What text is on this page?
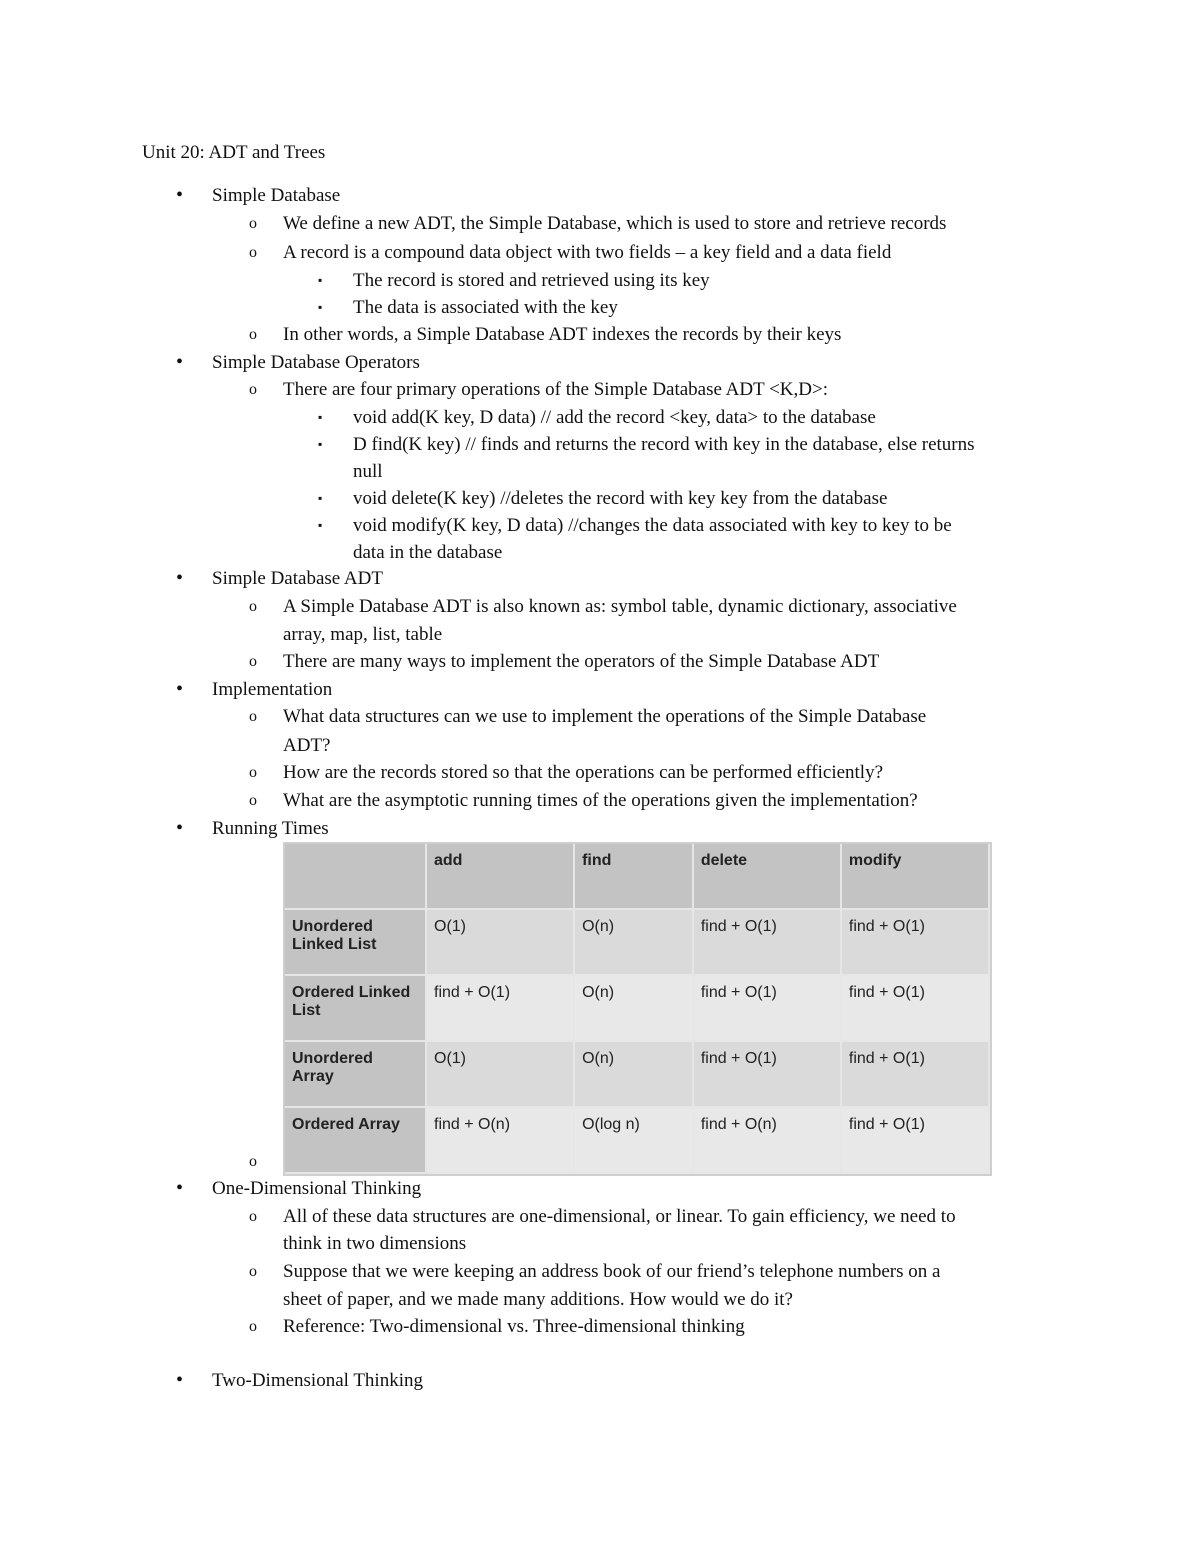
Unit 20: ADT and Trees
• Simple Database
o We define a new ADT, the Simple Database, which is used to store and retrieve records
o A record is a compound data object with two fields – a key field and a data field
▪ The record is stored and retrieved using its key
▪ The data is associated with the key
o In other words, a Simple Database ADT indexes the records by their keys
• Simple Database Operators
o There are four primary operations of the Simple Database ADT <K,D>:
▪ void add(K key, D data) // add the record <key, data> to the database
▪ D find(K key) // finds and returns the record with key in the database, else returns
null
▪ void delete(K key) //deletes the record with key key from the database
▪ void modify(K key, D data) //changes the data associated with key to key to be
data in the database
• Simple Database ADT
o A Simple Database ADT is also known as: symbol table, dynamic dictionary, associative
array, map, list, table
o There are many ways to implement the operators of the Simple Database ADT
• Implementation
o What data structures can we use to implement the operations of the Simple Database
ADT?
o How are the records stored so that the operations can be performed efficiently?
o What are the asymptotic running times of the operations given the implementation?
• Running Times
o
	add	find	delete	modify
Unordered Linked List	O(1)	O(n)	find + O(1)	find + O(1)
Ordered Linked List	find + O(1)	O(n)	find + O(1)	find + O(1)
Unordered Array	O(1)	O(n)	find + O(1)	find + O(1)
Ordered Array	find + O(n)	O(log n)	find + O(n)	find + O(1)
• One-Dimensional Thinking
o All of these data structures are one-dimensional, or linear. To gain efficiency, we need to
think in two dimensions
o Suppose that we were keeping an address book of our friend’s telephone numbers on a
sheet of paper, and we made many additions. How would we do it?
o Reference: Two-dimensional vs. Three-dimensional thinking
• Two-Dimensional Thinking
